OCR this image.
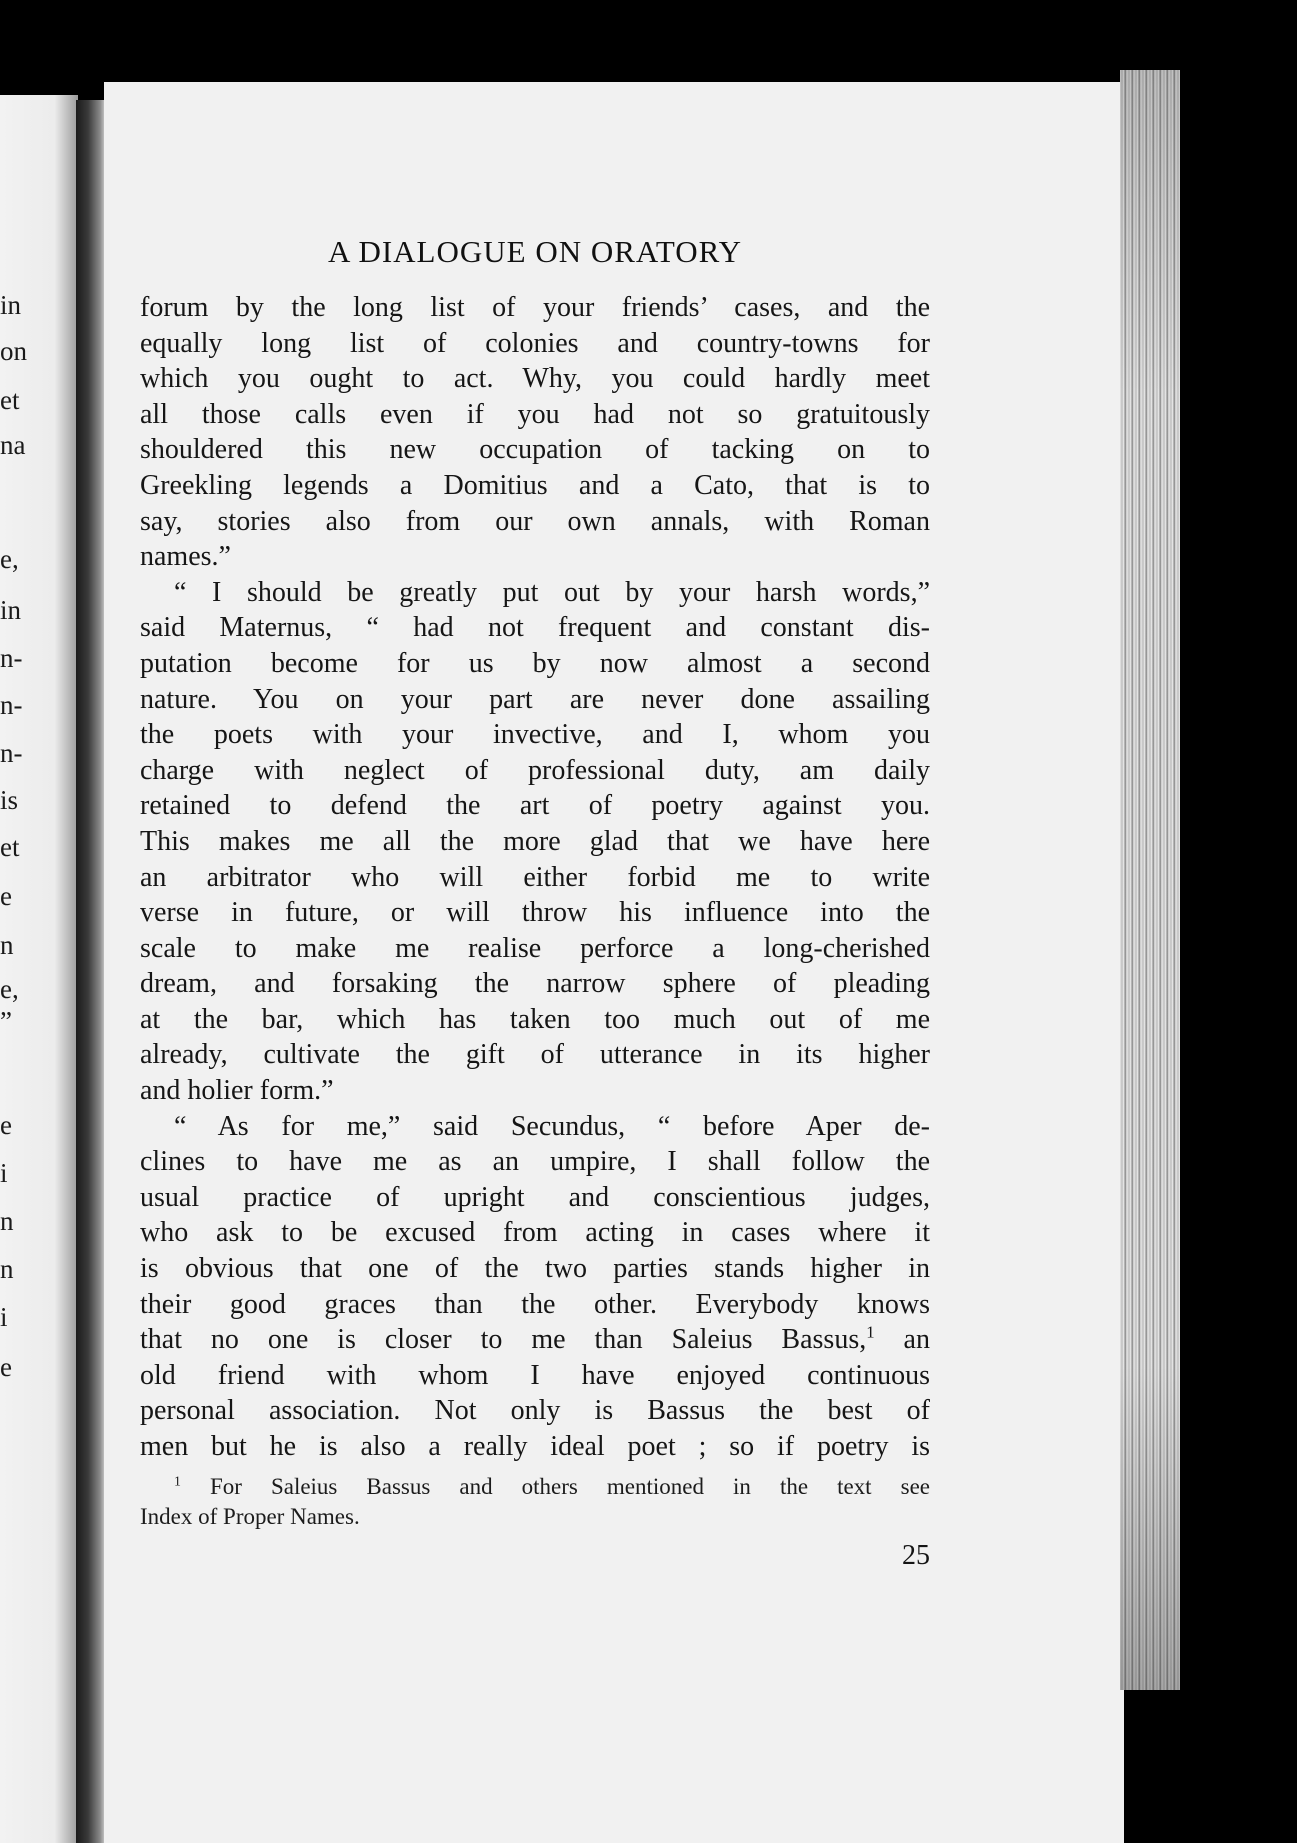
in
on
et
na
e,
in
n-
n-
n-
is
et
e
n
e,
”
e
i
n
n
i
e
A DIALOGUE ON ORATORY
forum by the long list of your friends’ cases, and the
equally long list of colonies and country-towns for
which you ought to act. Why, you could hardly meet
all those calls even if you had not so gratuitously
shouldered this new occupation of tacking on to
Greekling legends a Domitius and a Cato, that is to
say, stories also from our own annals, with Roman
names.”
“ I should be greatly put out by your harsh words,”
said Maternus, “ had not frequent and constant dis-
putation become for us by now almost a second
nature. You on your part are never done assailing
the poets with your invective, and I, whom you
charge with neglect of professional duty, am daily
retained to defend the art of poetry against you.
This makes me all the more glad that we have here
an arbitrator who will either forbid me to write
verse in future, or will throw his influence into the
scale to make me realise perforce a long-cherished
dream, and forsaking the narrow sphere of pleading
at the bar, which has taken too much out of me
already, cultivate the gift of utterance in its higher
and holier form.”
“ As for me,” said Secundus, “ before Aper de-
clines to have me as an umpire, I shall follow the
usual practice of upright and conscientious judges,
who ask to be excused from acting in cases where it
is obvious that one of the two parties stands higher in
their good graces than the other. Everybody knows
that no one is closer to me than Saleius Bassus,$^1$ an
old friend with whom I have enjoyed continuous
personal association. Not only is Bassus the best of
men but he is also a really ideal poet ; so if poetry is
$^1$ For Saleius Bassus and others mentioned in the text see
Index of Proper Names.
25
